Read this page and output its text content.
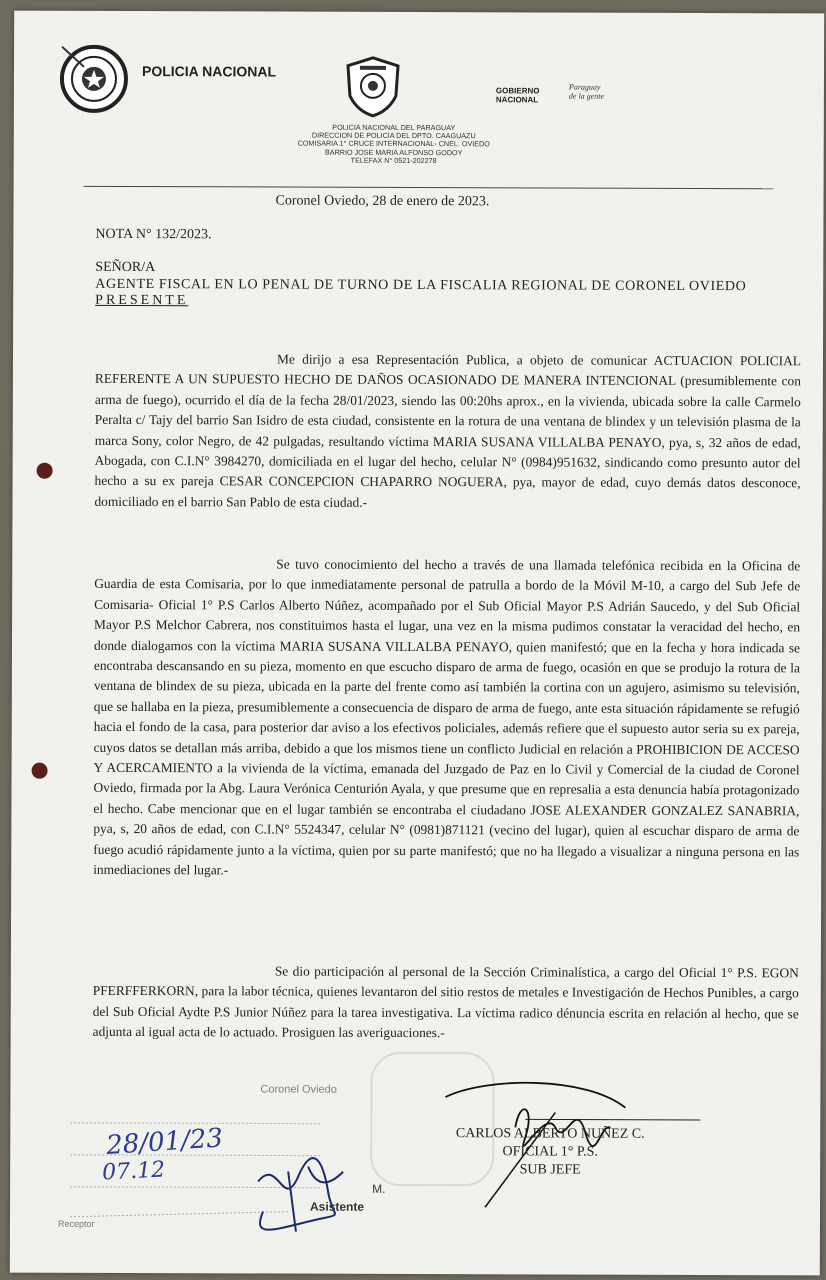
POLICIA NACIONAL
GOBIERNO
NACIONAL
Paraguay
de la gente
POLICIA NACIONAL DEL PARAGUAY
DIRECCION DE POLICIA DEL DPTO. CAAGUAZU
COMISARIA 1° CRUCE INTERNACIONAL- CNEL. OVIEDO
BARRIO JOSE MARIA ALFONSO GODOY
TELEFAX N° 0521-202278
Coronel Oviedo, 28 de enero de 2023.
NOTA N° 132/2023.
SEÑOR/A
AGENTE FISCAL EN LO PENAL DE TURNO DE LA FISCALIA REGIONAL DE CORONEL OVIEDO
PRESENTE

Me dirijo a esa Representación Publica, a objeto de comunicar ACTUACION POLICIAL REFERENTE A UN SUPUESTO HECHO DE DAÑOS OCASIONADO DE MANERA INTENCIONAL (presumiblemente con arma de fuego), ocurrido el día de la fecha 28/01/2023, siendo las 00:20hs aprox., en la vivienda, ubicada sobre la calle Carmelo Peralta c/ Tajy del barrio San Isidro de esta ciudad, consistente en la rotura de una ventana de blindex y un televisión plasma de la marca Sony, color Negro, de 42 pulgadas, resultando víctima MARIA SUSANA VILLALBA PENAYO, pya, s, 32 años de edad, Abogada, con C.I.N° 3984270, domiciliada en el lugar del hecho, celular N° (0984)951632, sindicando como presunto autor del hecho a su ex pareja CESAR CONCEPCION CHAPARRO NOGUERA, pya, mayor de edad, cuyo demás datos desconoce, domiciliado en el barrio San Pablo de esta ciudad.-

Se tuvo conocimiento del hecho a través de una llamada telefónica recibida en la Oficina de Guardia de esta Comisaria, por lo que inmediatamente personal de patrulla a bordo de la Móvil M-10, a cargo del Sub Jefe de Comisaria- Oficial 1° P.S Carlos Alberto Núñez, acompañado por el Sub Oficial Mayor P.S Adrián Saucedo, y del Sub Oficial Mayor P.S Melchor Cabrera, nos constituimos hasta el lugar, una vez en la misma pudimos constatar la veracidad del hecho, en donde dialogamos con la víctima MARIA SUSANA VILLALBA PENAYO, quien manifestó; que en la fecha y hora indicada se encontraba descansando en su pieza, momento en que escucho disparo de arma de fuego, ocasión en que se produjo la rotura de la ventana de blindex de su pieza, ubicada en la parte del frente como así también la cortina con un agujero, asimismo su televisión, que se hallaba en la pieza, presumiblemente a consecuencia de disparo de arma de fuego, ante esta situación rápidamente se refugió hacia el fondo de la casa, para posterior dar aviso a los efectivos policiales, además refiere que el supuesto autor seria su ex pareja, cuyos datos se detallan más arriba, debido a que los mismos tiene un conflicto Judicial en relación a PROHIBICION DE ACCESO Y ACERCAMIENTO a la vivienda de la víctima, emanada del Juzgado de Paz en lo Civil y Comercial de la ciudad de Coronel Oviedo, firmada por la Abg. Laura Verónica Centurión Ayala, y que presume que en represalia a esta denuncia había protagonizado el hecho. Cabe mencionar que en el lugar también se encontraba el ciudadano JOSE ALEXANDER GONZALEZ SANABRIA, pya, s, 20 años de edad, con C.I.N° 5524347, celular N° (0981)871121 (vecino del lugar), quien al escuchar disparo de arma de fuego acudió rápidamente junto a la víctima, quien por su parte manifestó; que no ha llegado a visualizar a ninguna persona en las inmediaciones del lugar.-

Se dio participación al personal de la Sección Criminalística, a cargo del Oficial 1° P.S. EGON PFERFFERKORN, para la labor técnica, quienes levantaron del sitio restos de metales e Investigación de Hechos Punibles, a cargo del Sub Oficial Aydte P.S Junior Núñez para la tarea investigativa. La víctima radico dénuncia escrita en relación al hecho, que se adjunta al igual acta de lo actuado. Prosiguen las averiguaciones.-

Coronel Oviedo
28/01/23
07.12
M.
Asistente
Receptor
CARLOS ALBERTO NUÑEZ C.
OFICIAL 1° P.S.
SUB JEFE
